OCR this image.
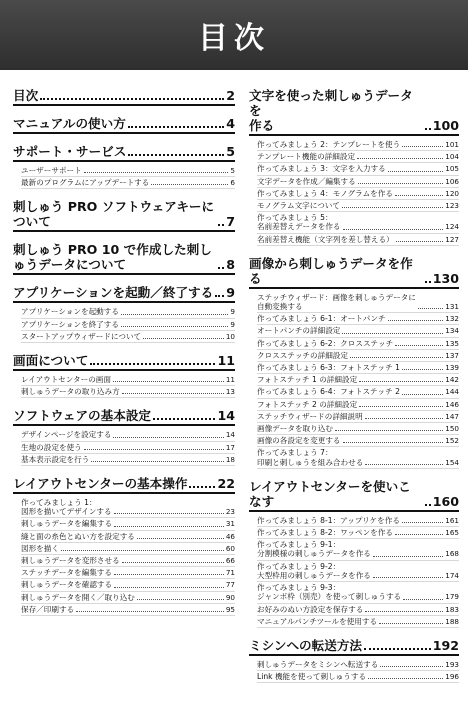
目次
目次	2
マニュアルの使い方	4
サポート・サービス	5
ユーザーサポート	5
最新のプログラムにアップデートする	6
刺しゅう PRO ソフトウェアキーについて	7
刺しゅう PRO 10 で作成した刺しゅうデータについて	8
アプリケーションを起動／終了する 9
アプリケーションを起動する	9
アプリケーションを終了する	9
スタートアップウィザードについて	10
画面について	11
レイアウトセンターの画面	11
刺しゅうデータの取り込み方	13
ソフトウェアの基本設定	14
デザインページを設定する	14
生地の設定を使う	17
基本表示設定を行う	18
レイアウトセンターの基本操作 22
作ってみましょう 1：
図形を描いてデザインする	23
刺しゅうデータを編集する	31
縫と面の糸色とぬい方を設定する	46
図形を描く	60
刺しゅうデータを変形させる	66
ステッチデータを編集する	71
刺しゅうデータを確認する	77
刺しゅうデータを開く／取り込む	90
保存／印刷する	95
文字を使った刺しゅうデータを
作る	100
作ってみましょう 2：テンプレートを使う	101
テンプレート機能の詳細設定	104
作ってみましょう 3：文字を入力する	105
文字データを作成／編集する	106
作ってみましょう 4：モノグラムを作る	120
モノグラム文字について	123
作ってみましょう 5：
名前差替えデータを作る	124
名前差替え機能（文字列を差し替える）	127
画像から刺しゅうデータを作る	130
ステッチウィザード：画像を刺しゅうデータに
自動変換する	131
作ってみましょう 6-1：オートパンチ	132
オートパンチの詳細設定	134
作ってみましょう 6-2：クロスステッチ	135
クロスステッチの詳細設定	137
作ってみましょう 6-3：フォトステッチ 1	139
フォトステッチ 1 の詳細設定	142
作ってみましょう 6-4：フォトステッチ 2	144
フォトステッチ 2 の詳細設定	146
ステッチウィザードの詳細説明	147
画像データを取り込む	150
画像の各設定を変更する	152
作ってみましょう 7：
印刷と刺しゅうを組み合わせる	154
レイアウトセンターを使いこなす	160
作ってみましょう 8-1：アップリケを作る	161
作ってみましょう 8-2：ワッペンを作る	165
作ってみましょう 9-1：
分割模様の刺しゅうデータを作る	168
作ってみましょう 9-2：
大型枠用の刺しゅうデータを作る	174
作ってみましょう 9-3：
ジャンボ枠（別売）を使って刺しゅうする	179
お好みのぬい方設定を保存する	183
マニュアルパンチツールを使用する	188
ミシンへの転送方法	192
刺しゅうデータをミシンへ転送する	193
Link 機能を使って刺しゅうする	196
